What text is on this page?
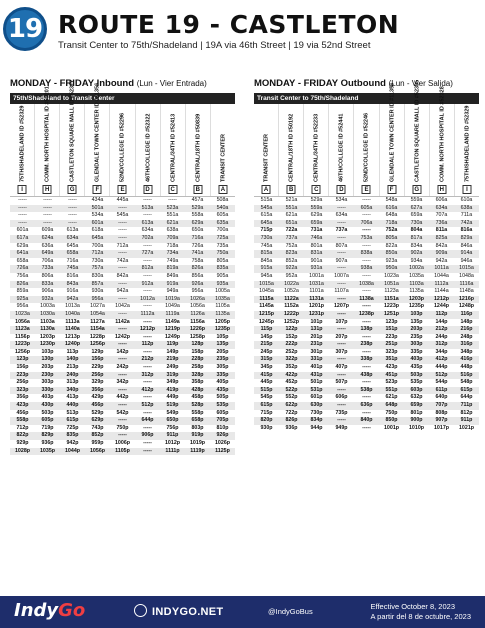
19 ROUTE 19 - CASTLETON
Transit Center to 75th/Shadeland | 19A via 46th Street | 19 via 52nd Street
MONDAY - FRIDAY Inbound (Lun - Vier Entrada)
75th/Shadeland to Transit Center
75TH/SHADELAND ID #52329
I
COMM. NORTH HOSPITAL ID #50201
H
CASTLETON SQUARE MALL ID #52327
G
GLENDALE TOWN CENTER ID #11356
F
52ND/COLLEGE ID #52296
E
46TH/COLLEGE ID #52322
D
CENTRAL/34TH ID #52413
C
CENTRAL/18TH ID #50839
B
TRANSIT CENTER
A
-----	-----	-----	434a	445a	-----	-----	457a	508a
-----	-----	-----	501a	-----	513a	523a	529a	540a
-----	-----	-----	534a	545a	-----	551a	558a	605a
-----	-----	-----	601a	-----	613a	621a	629a	635a
601a	609a	613a	618a	-----	634a	638a	650a	700a
617a	624a	634a	645a	-----	702a	709a	716a	725a
629a	636a	645a	700a	712a	-----	718a	726a	735a
641a	649a	658a	712a	-----	727a	734a	741a	750a
658a	706a	716a	730a	742a	-----	749a	758a	805a
726a	733a	745a	757a	-----	812a	819a	826a	835a
756a	806a	816a	830a	842a	-----	849a	856a	905a
826a	833a	843a	857a	-----	912a	919a	926a	935a
859a	906a	916a	930a	942a	-----	949a	956a	1005a
925a	932a	942a	956a	-----	1012a	1019a	1026a	1035a
956a	1003a	1013a	1027a	1042a	-----	1049a	1056a	1105a
1023a	1030a	1040a	1054a	-----	1112a	1119a	1126a	1135a
1056a	1103a	1113a	1127a	1142a	-----	1149a	1156a	1205p
1123a	1130a	1140a	1154a	-----	1212p	1219p	1226p	1235p
1156p	1203p	1213p	1228p	1242p	-----	1249p	1258p	105p
1223p	1230p	1240p	1256p	-----	112p	119p	128p	135p
1256p	103p	113p	129p	142p	-----	149p	158p	205p
123p	130p	140p	156p	-----	212p	219p	228p	235p
156p	203p	213p	229p	242p	-----	249p	258p	305p
223p	230p	240p	256p	-----	312p	319p	328p	335p
256p	303p	313p	329p	342p	-----	349p	358p	405p
323p	330p	340p	356p	-----	412p	419p	428p	435p
356p	403p	413p	429p	442p	-----	449p	458p	505p
423p	430p	440p	456p	-----	512p	519p	528p	535p
456p	503p	513p	529p	542p	-----	549p	558p	605p
558p	605p	615p	629p	-----	644p	650p	658p	705p
712p	719p	725p	743p	750p	-----	756p	803p	810p
822p	829p	835p	852p	-----	906p	911p	919p	926p
929p	936p	942p	959p	1006p	-----	1012p	1019p	1026p
1028p	1035p	1044p	1056p	1105p	-----	1111p	1119p	1125p
MONDAY - FRIDAY Outbound (Lun - Vier Salida)
Transit Center to 75th/Shadeland
TRANSIT CENTER
A
CENTRAL/18TH ID #50192
B
CENTRAL/34TH ID #52233
C
46TH/COLLEGE ID #52441
D
52ND/COLLEGE ID #52246
E
GLENDALE TOWN CENTER ID #11356
F
CASTLETON SQUARE MALL ID #52395
G
COMM. NORTH HOSPITAL ID #52328
H
75TH/SHADELAND ID #52329
I
515a	521a	529a	534a	-----	548a	559a	606a	610a
545a	551a	559a	-----	605a	616a	627a	634a	638a
615a	621a	629a	634a	-----	648a	659a	707a	711a
645a	651a	659a	-----	706a	718a	730a	736a	742a
715p	722a	731a	737a	-----	752a	804a	811a	816a
730a	737a	746a	-----	753a	805a	817a	825a	829a
745a	752a	801a	807a	-----	822a	834a	842a	846a
815a	823a	831a	-----	838a	850a	902a	909a	914a
845a	852a	901a	907a	-----	923a	934a	942a	946a
915a	922a	931a	-----	938a	950a	1002a	1011a	1015a
945a	952a	1001a	1007a	-----	1023a	1035a	1044a	1048a
1015a	1022a	1031a	-----	1038a	1051a	1103a	1112a	1116a
1045a	1052a	1101a	1107a	-----	1123a	1135a	1144a	1148a
1115a	1122a	1131a	-----	1138a	1151a	1203p	1212p	1216p
1145a	1152a	1201p	1207p	-----	1223p	1235p	1244p	1248p
1215p	1222p	1231p	-----	1238p	1251p	103p	112p	116p
1245p	1252p	101p	107p	-----	123p	135p	144p	148p
115p	122p	131p	-----	138p	151p	203p	212p	216p
145p	152p	201p	207p	-----	223p	235p	244p	248p
215p	222p	231p	-----	238p	251p	303p	312p	316p
245p	252p	301p	307p	-----	323p	335p	344p	348p
315p	322p	331p	-----	338p	351p	403p	412p	416p
345p	352p	401p	407p	-----	423p	435p	444p	448p
415p	422p	431p	-----	438p	451p	503p	512p	516p
445p	452p	501p	507p	-----	523p	535p	544p	548p
515p	522p	531p	-----	538p	551p	603p	611p	615p
545p	552p	601p	606p	-----	621p	632p	640p	644p
615p	622p	630p	-----	636p	648p	659p	707p	711p
715p	722p	730p	735p	-----	750p	801p	808p	812p
820p	826p	834p	-----	840p	850p	900p	907p	911p
930p	936p	944p	949p	-----	1001p	1010p	1017p	1021p
IndyGo	INDYGO.NET	@IndyGoBus
Effective October 8, 2023
A partir del 8 de octubre, 2023
